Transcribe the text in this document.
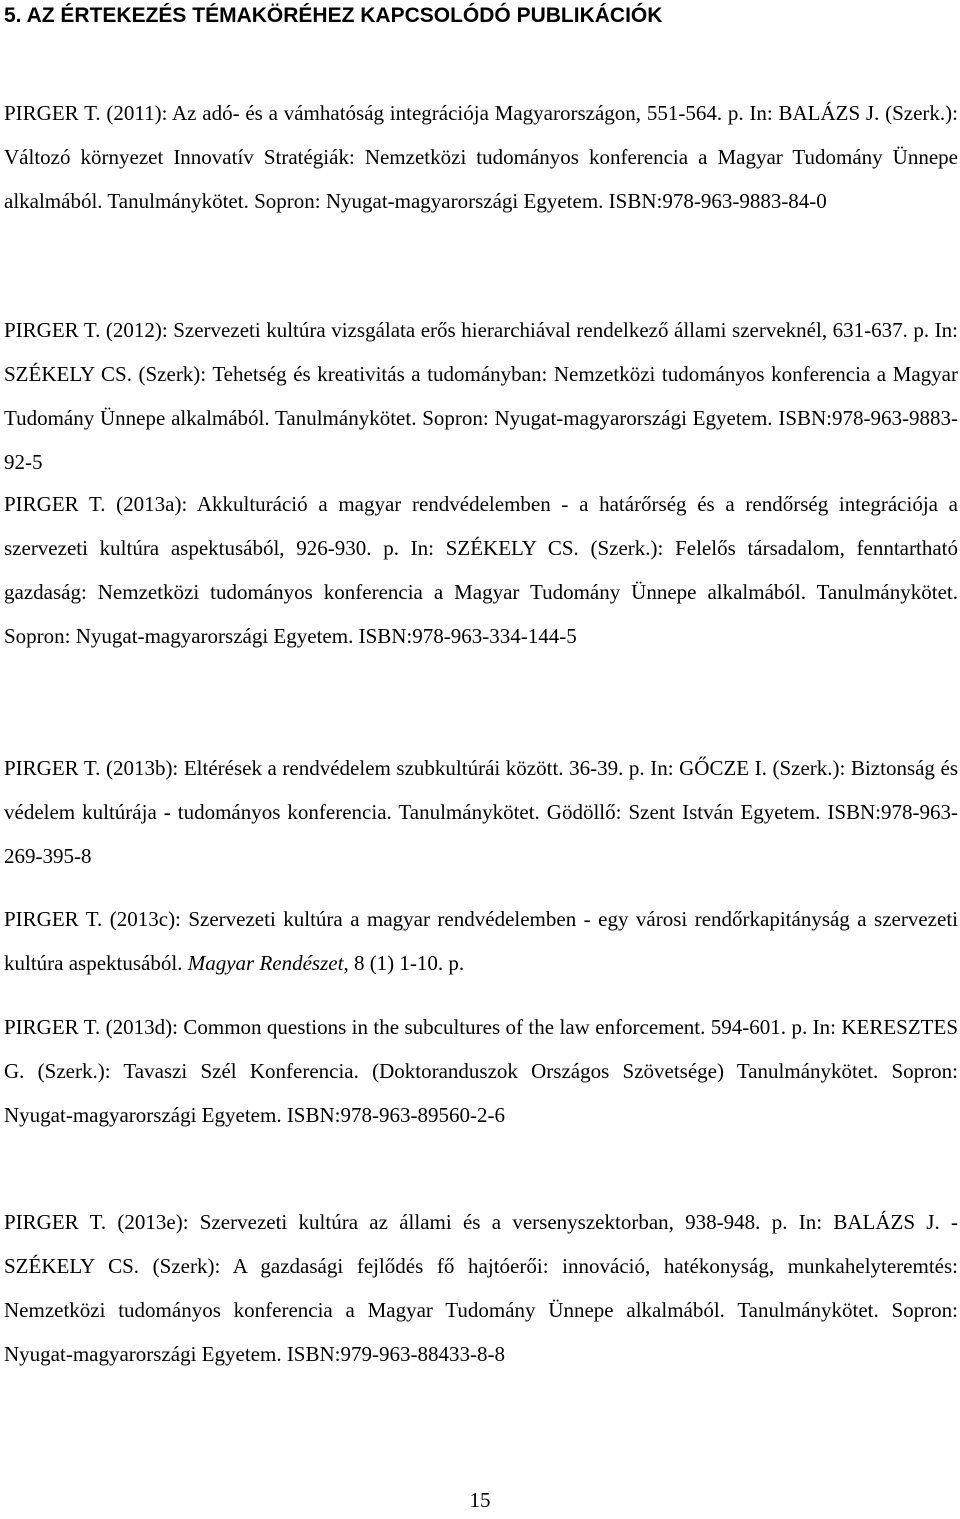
5. AZ ÉRTEKEZÉS TÉMAKÖRÉHEZ KAPCSOLÓDÓ PUBLIKÁCIÓK

PIRGER T. (2011): Az adó- és a vámhatóság integrációja Magyarországon, 551-564. p. In: BALÁZS J. (Szerk.): Változó környezet Innovatív Stratégiák: Nemzetközi tudományos konferencia a Magyar Tudomány Ünnepe alkalmából. Tanulmánykötet. Sopron: Nyugat-magyarországi Egyetem. ISBN:978-963-9883-84-0

PIRGER T. (2012): Szervezeti kultúra vizsgálata erős hierarchiával rendelkező állami szerveknél, 631-637. p. In: SZÉKELY CS. (Szerk): Tehetség és kreativitás a tudományban: Nemzetközi tudományos konferencia a Magyar Tudomány Ünnepe alkalmából. Tanulmánykötet. Sopron: Nyugat-magyarországi Egyetem. ISBN:978-963-9883-92-5

PIRGER T. (2013a): Akkulturáció a magyar rendvédelemben - a határőrség és a rendőrség integrációja a szervezeti kultúra aspektusából, 926-930. p. In: SZÉKELY CS. (Szerk.): Felelős társadalom, fenntartható gazdaság: Nemzetközi tudományos konferencia a Magyar Tudomány Ünnepe alkalmából. Tanulmánykötet. Sopron: Nyugat-magyarországi Egyetem. ISBN:978-963-334-144-5

PIRGER T. (2013b): Eltérések a rendvédelem szubkultúrái között. 36-39. p. In: GŐCZE I. (Szerk.): Biztonság és védelem kultúrája - tudományos konferencia. Tanulmánykötet. Gödöllő: Szent István Egyetem. ISBN:978-963-269-395-8

PIRGER T. (2013c): Szervezeti kultúra a magyar rendvédelemben - egy városi rendőrkapitányság a szervezeti kultúra aspektusából. Magyar Rendészet, 8 (1) 1-10. p.

PIRGER T. (2013d): Common questions in the subcultures of the law enforcement. 594-601. p. In: KERESZTES G. (Szerk.): Tavaszi Szél Konferencia. (Doktoranduszok Országos Szövetsége) Tanulmánykötet. Sopron: Nyugat-magyarországi Egyetem. ISBN:978-963-89560-2-6

PIRGER T. (2013e): Szervezeti kultúra az állami és a versenyszektorban, 938-948. p. In: BALÁZS J. - SZÉKELY CS. (Szerk): A gazdasági fejlődés fő hajtóerői: innováció, hatékonyság, munkahelyteremtés: Nemzetközi tudományos konferencia a Magyar Tudomány Ünnepe alkalmából. Tanulmánykötet. Sopron: Nyugat-magyarországi Egyetem. ISBN:979-963-88433-8-8

15
